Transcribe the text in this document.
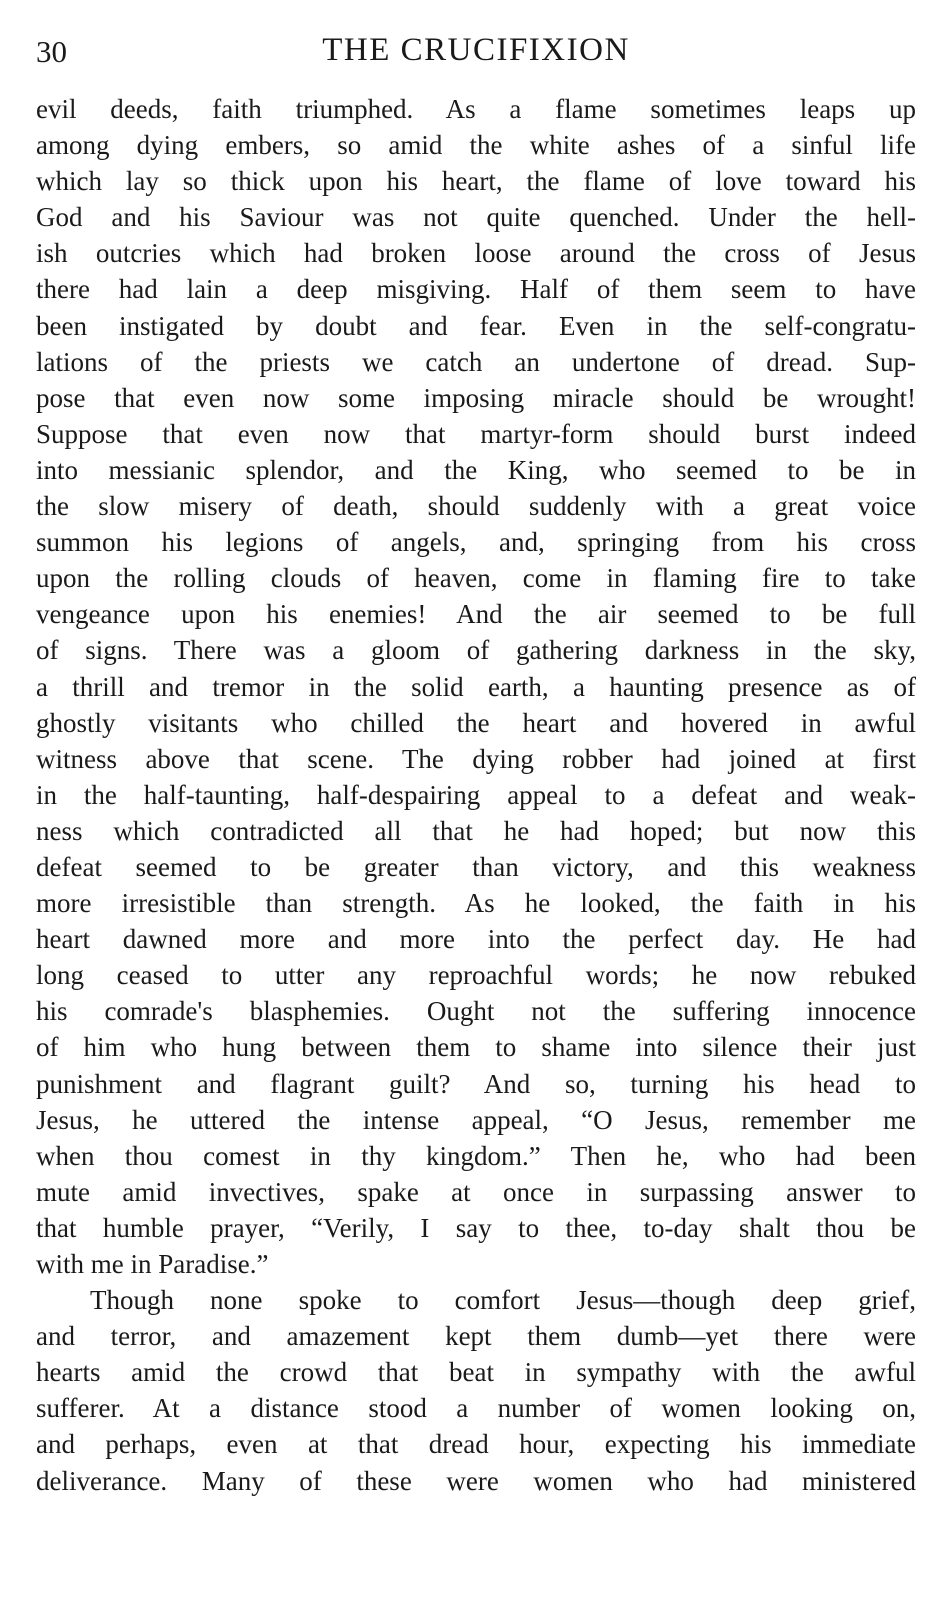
30	THE CRUCIFIXION
evil deeds, faith triumphed. As a flame sometimes leaps up
among dying embers, so amid the white ashes of a sinful life
which lay so thick upon his heart, the flame of love toward his
God and his Saviour was not quite quenched. Under the hell-
ish outcries which had broken loose around the cross of Jesus
there had lain a deep misgiving. Half of them seem to have
been instigated by doubt and fear. Even in the self-congratu-
lations of the priests we catch an undertone of dread. Sup-
pose that even now some imposing miracle should be wrought!
Suppose that even now that martyr-form should burst indeed
into messianic splendor, and the King, who seemed to be in
the slow misery of death, should suddenly with a great voice
summon his legions of angels, and, springing from his cross
upon the rolling clouds of heaven, come in flaming fire to take
vengeance upon his enemies! And the air seemed to be full
of signs. There was a gloom of gathering darkness in the sky,
a thrill and tremor in the solid earth, a haunting presence as of
ghostly visitants who chilled the heart and hovered in awful
witness above that scene. The dying robber had joined at first
in the half-taunting, half-despairing appeal to a defeat and weak-
ness which contradicted all that he had hoped; but now this
defeat seemed to be greater than victory, and this weakness
more irresistible than strength. As he looked, the faith in his
heart dawned more and more into the perfect day. He had
long ceased to utter any reproachful words; he now rebuked
his comrade's blasphemies. Ought not the suffering innocence
of him who hung between them to shame into silence their just
punishment and flagrant guilt? And so, turning his head to
Jesus, he uttered the intense appeal, “O Jesus, remember me
when thou comest in thy kingdom.” Then he, who had been
mute amid invectives, spake at once in surpassing answer to
that humble prayer, “Verily, I say to thee, to-day shalt thou be
with me in Paradise.”
Though none spoke to comfort Jesus—though deep grief,
and terror, and amazement kept them dumb—yet there were
hearts amid the crowd that beat in sympathy with the awful
sufferer. At a distance stood a number of women looking on,
and perhaps, even at that dread hour, expecting his immediate
deliverance. Many of these were women who had ministered
